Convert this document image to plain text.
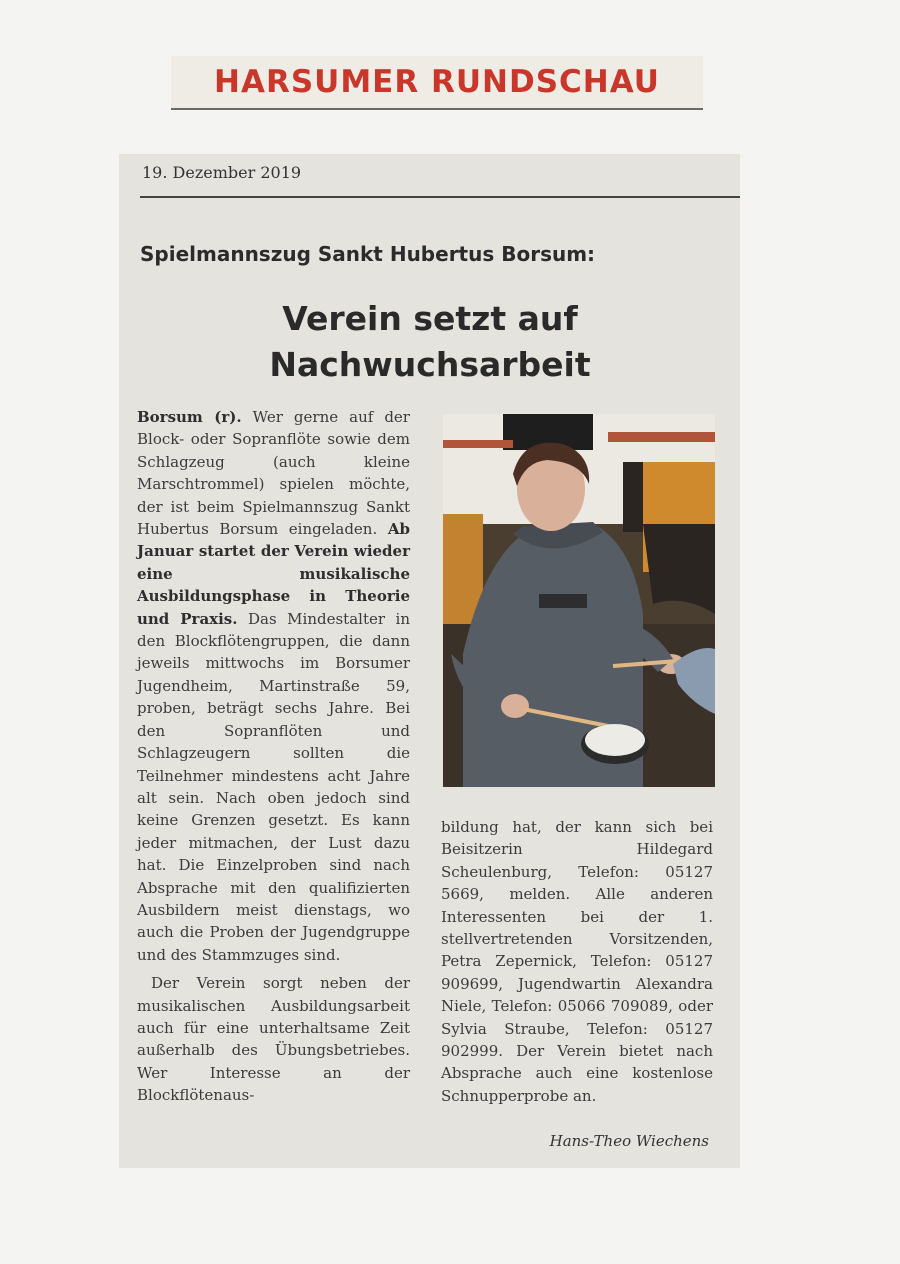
HARSUMER RUNDSCHAU
19. Dezember 2019
Spielmannszug Sankt Hubertus Borsum:
Verein setzt auf
Nachwuchsarbeit

Borsum (r). Wer gerne auf der Block- oder Sopranflöte sowie dem Schlagzeug (auch kleine Marschtrommel) spielen möchte, der ist beim Spielmannszug Sankt Hubertus Borsum eingeladen. Ab Januar startet der Verein wieder eine musikalische Ausbildungsphase in Theorie und Praxis. Das Mindestalter in den Blockflötengruppen, die dann jeweils mittwochs im Borsumer Jugendheim, Martinstraße 59, proben, beträgt sechs Jahre. Bei den Sopranflöten und Schlagzeugern sollten die Teilnehmer mindestens acht Jahre alt sein. Nach oben jedoch sind keine Grenzen gesetzt. Es kann jeder mitmachen, der Lust dazu hat. Die Einzelproben sind nach Absprache mit den qualifizierten Ausbildern meist dienstags, wo auch die Proben der Jugendgruppe und des Stammzuges sind.

Der Verein sorgt neben der musikalischen Ausbildungsarbeit auch für eine unterhaltsame Zeit außerhalb des Übungsbetriebes. Wer Interesse an der Blockflötenaus-

bildung hat, der kann sich bei Beisitzerin Hildegard Scheulenburg, Telefon: 05127 5669, melden. Alle anderen Interessenten bei der 1. stellvertretenden Vorsitzenden, Petra Zepernick, Telefon: 05127 909699, Jugendwartin Alexandra Niele, Telefon: 05066 709089, oder Sylvia Straube, Telefon: 05127 902999. Der Verein bietet nach Absprache auch eine kostenlose Schnupperprobe an.

Hans-Theo Wiechens
